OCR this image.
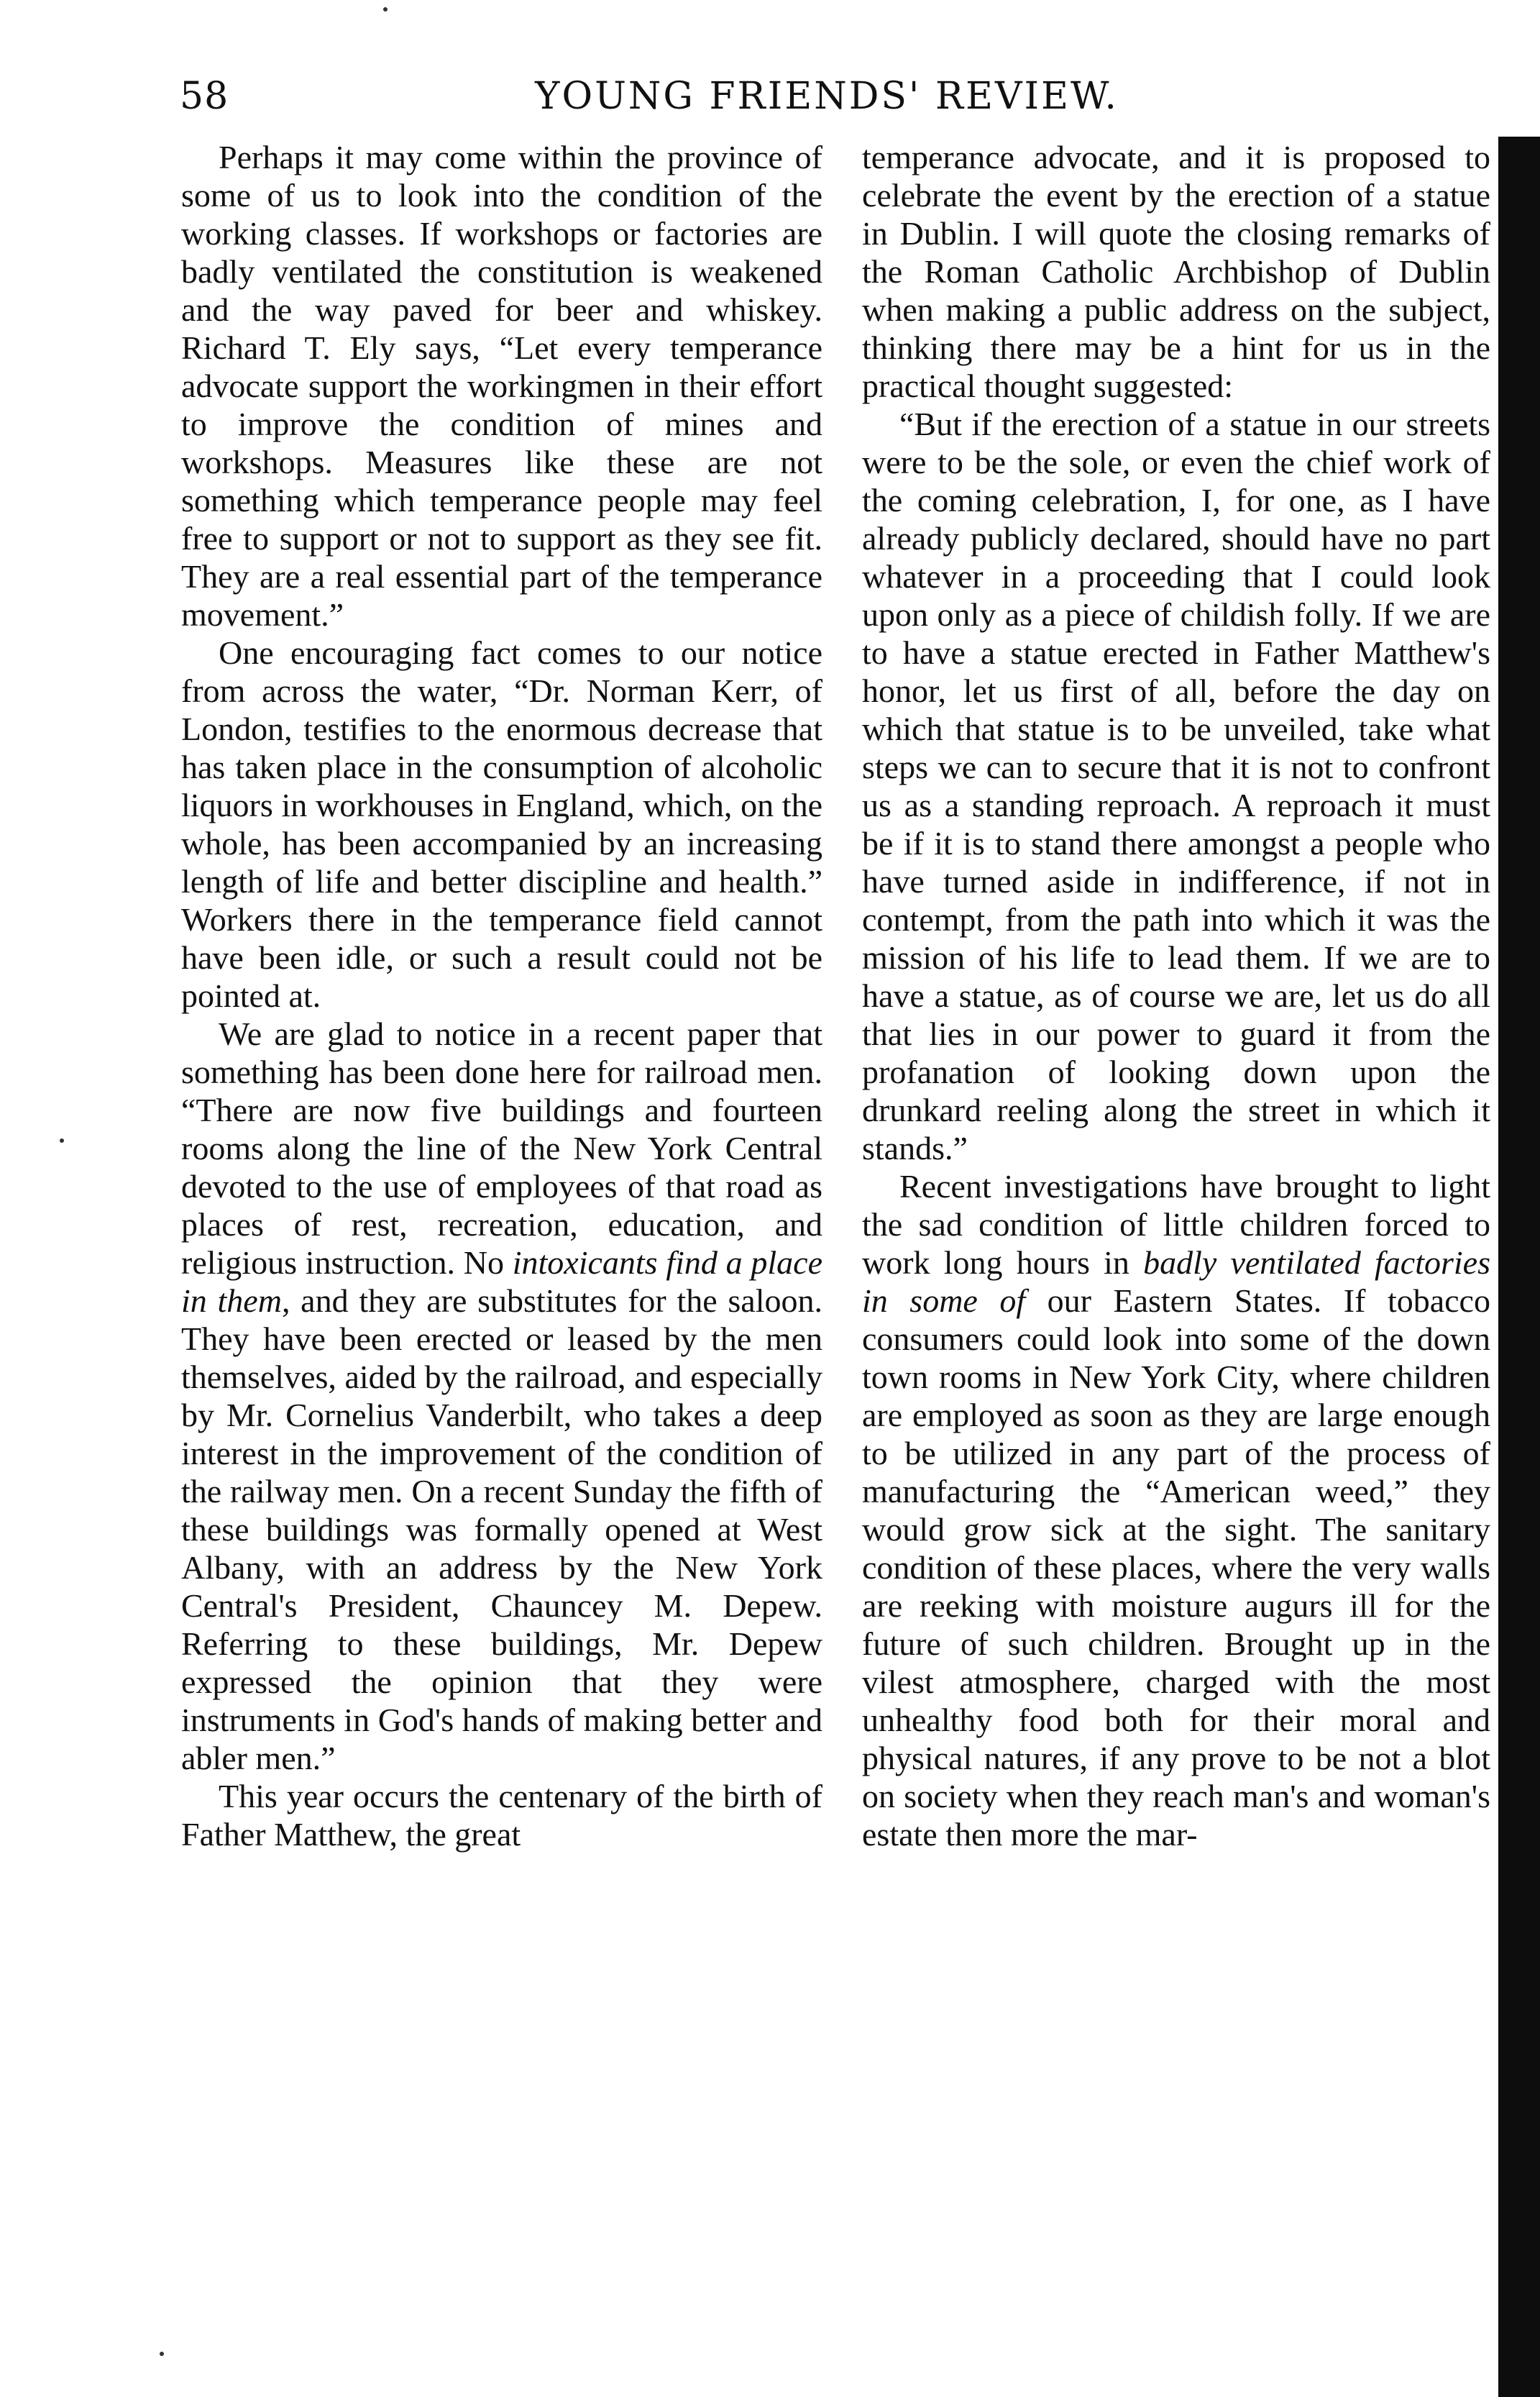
58	YOUNG FRIENDS' REVIEW.

Perhaps it may come within the province of some of us to look into the condition of the working classes. If workshops or factories are badly ventilated the constitution is weakened and the way paved for beer and whiskey. Richard T. Ely says, “Let every temperance advocate support the workingmen in their effort to improve the condition of mines and workshops. Measures like these are not something which temperance people may feel free to support or not to support as they see fit. They are a real essential part of the temperance movement.”

One encouraging fact comes to our notice from across the water, “Dr. Norman Kerr, of London, testifies to the enormous decrease that has taken place in the consumption of alcoholic liquors in workhouses in England, which, on the whole, has been accompanied by an increasing length of life and better discipline and health.” Workers there in the temperance field cannot have been idle, or such a result could not be pointed at.

We are glad to notice in a recent paper that something has been done here for railroad men. “There are now five buildings and fourteen rooms along the line of the New York Central devoted to the use of employees of that road as places of rest, recreation, education, and religious instruction. No intoxicants find a place in them, and they are substitutes for the saloon. They have been erected or leased by the men themselves, aided by the railroad, and especially by Mr. Cornelius Vanderbilt, who takes a deep interest in the improvement of the condition of the railway men. On a recent Sunday the fifth of these buildings was formally opened at West Albany, with an address by the New York Central's President, Chauncey M. Depew. Referring to these buildings, Mr. Depew expressed the opinion that they were instruments in God's hands of making better and abler men.”

This year occurs the centenary of the birth of Father Matthew, the great

temperance advocate, and it is proposed to celebrate the event by the erection of a statue in Dublin. I will quote the closing remarks of the Roman Catholic Archbishop of Dublin when making a public address on the subject, thinking there may be a hint for us in the practical thought suggested:

“But if the erection of a statue in our streets were to be the sole, or even the chief work of the coming celebration, I, for one, as I have already publicly declared, should have no part whatever in a proceeding that I could look upon only as a piece of childish folly. If we are to have a statue erected in Father Matthew's honor, let us first of all, before the day on which that statue is to be unveiled, take what steps we can to secure that it is not to confront us as a standing reproach. A reproach it must be if it is to stand there amongst a people who have turned aside in indifference, if not in contempt, from the path into which it was the mission of his life to lead them. If we are to have a statue, as of course we are, let us do all that lies in our power to guard it from the profanation of looking down upon the drunkard reeling along the street in which it stands.”

Recent investigations have brought to light the sad condition of little children forced to work long hours in badly ventilated factories in some of our Eastern States. If tobacco consumers could look into some of the down town rooms in New York City, where children are employed as soon as they are large enough to be utilized in any part of the process of manufacturing the “American weed,” they would grow sick at the sight. The sanitary condition of these places, where the very walls are reeking with moisture augurs ill for the future of such children. Brought up in the vilest atmosphere, charged with the most unhealthy food both for their moral and physical natures, if any prove to be not a blot on society when they reach man's and woman's estate then more the mar-
